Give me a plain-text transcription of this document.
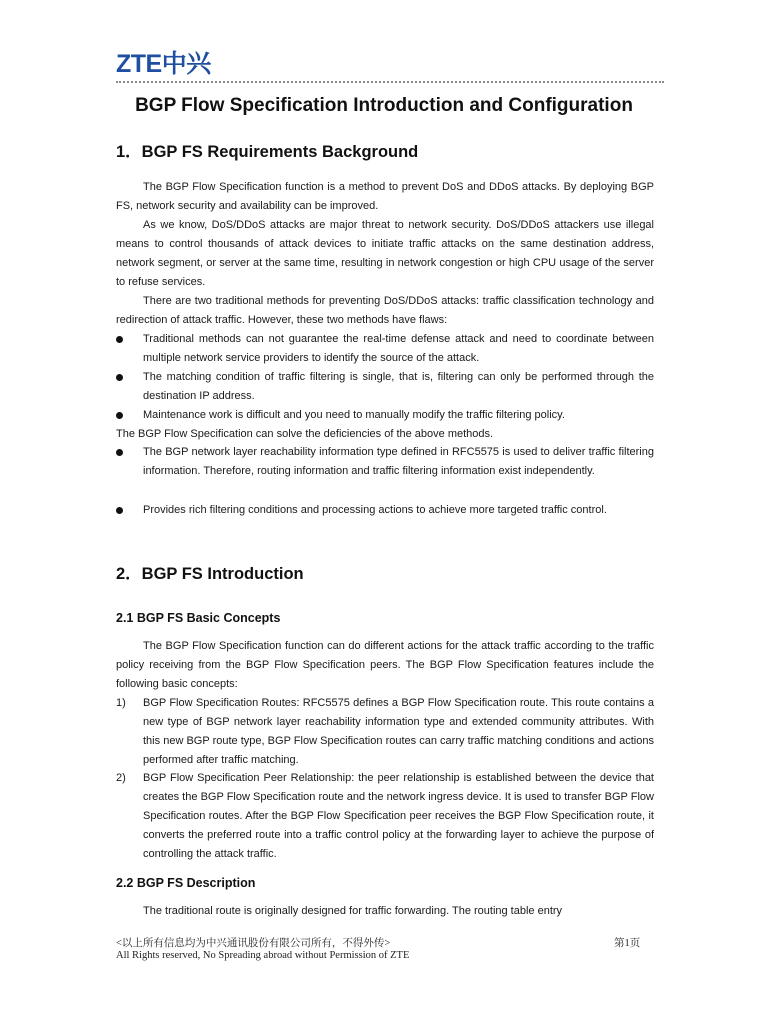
ZTE中兴
BGP Flow Specification Introduction and Configuration
1．BGP FS Requirements Background
The BGP Flow Specification function is a method to prevent DoS and DDoS attacks. By deploying BGP FS, network security and availability can be improved.
As we know, DoS/DDoS attacks are major threat to network security. DoS/DDoS attackers use illegal means to control thousands of attack devices to initiate traffic attacks on the same destination address, network segment, or server at the same time, resulting in network congestion or high CPU usage of the server to refuse services.
There are two traditional methods for preventing DoS/DDoS attacks: traffic classification technology and redirection of attack traffic. However, these two methods have flaws:
Traditional methods can not guarantee the real-time defense attack and need to coordinate between multiple network service providers to identify the source of the attack.
The matching condition of traffic filtering is single, that is, filtering can only be performed through the destination IP address.
Maintenance work is difficult and you need to manually modify the traffic filtering policy.
The BGP Flow Specification can solve the deficiencies of the above methods.
The BGP network layer reachability information type defined in RFC5575 is used to deliver traffic filtering information. Therefore, routing information and traffic filtering information exist independently.
Provides rich filtering conditions and processing actions to achieve more targeted traffic control.
2．BGP FS Introduction
2.1 BGP FS Basic Concepts
The BGP Flow Specification function can do different actions for the attack traffic according to the traffic policy receiving from the BGP Flow Specification peers. The BGP Flow Specification features include the following basic concepts:
1) BGP Flow Specification Routes: RFC5575 defines a BGP Flow Specification route. This route contains a new type of BGP network layer reachability information type and extended community attributes. With this new BGP route type, BGP Flow Specification routes can carry traffic matching conditions and actions performed after traffic matching.
2) BGP Flow Specification Peer Relationship: the peer relationship is established between the device that creates the BGP Flow Specification route and the network ingress device. It is used to transfer BGP Flow Specification routes. After the BGP Flow Specification peer receives the BGP Flow Specification route, it converts the preferred route into a traffic control policy at the forwarding layer to achieve the purpose of controlling the attack traffic.
2.2 BGP FS Description
The traditional route is originally designed for traffic forwarding. The routing table entry
<以上所有信息均为中兴通讯股份有限公司所有，不得外传>	第1页
All Rights reserved, No Spreading abroad without Permission of ZTE
